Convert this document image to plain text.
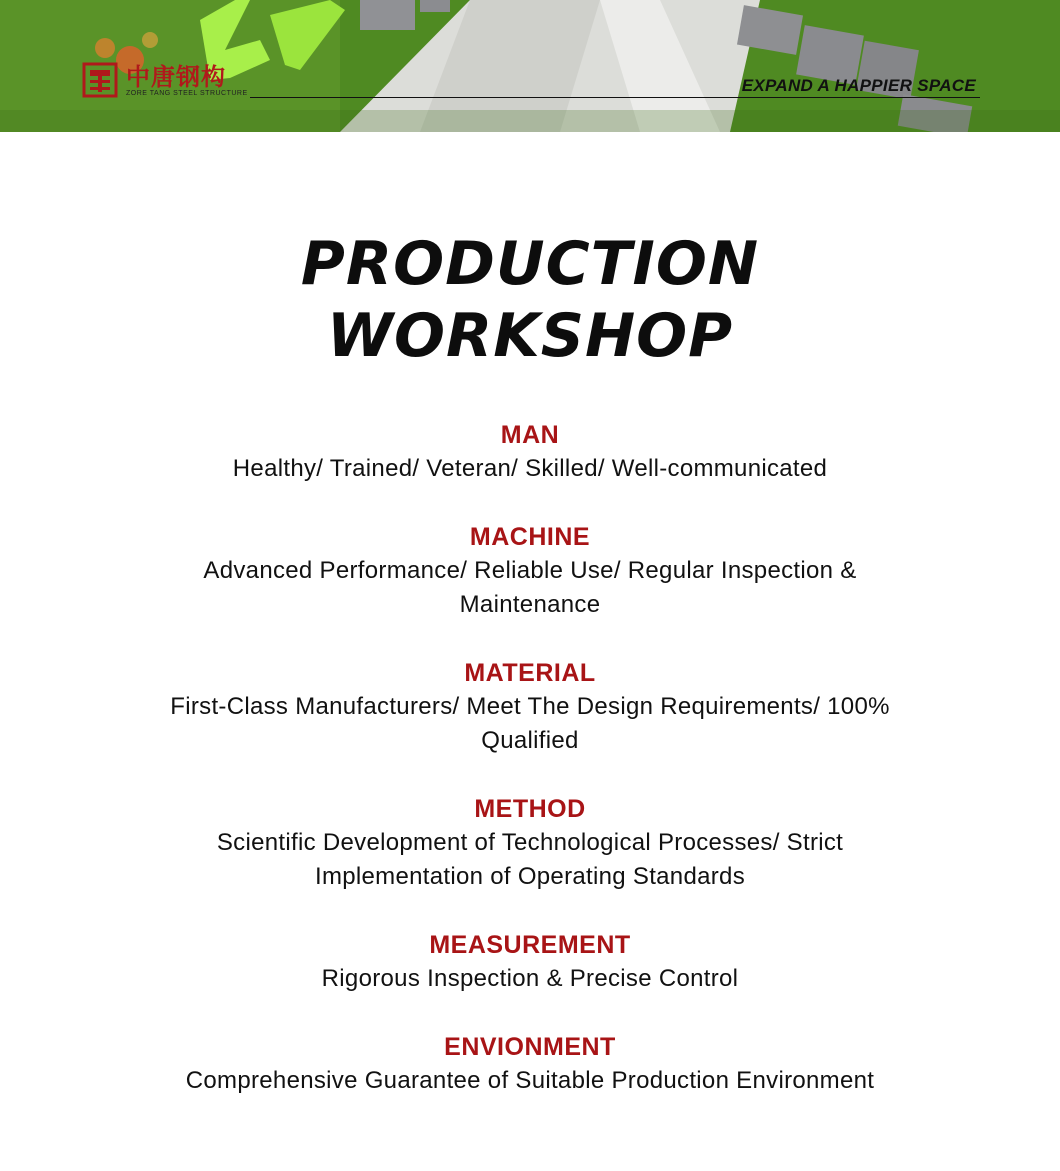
中唐钢构
ZORE TANG STEEL STRUCTURE	EXPAND A HAPPIER SPACE
PRODUCTION
WORKSHOP
MAN
Healthy/ Trained/ Veteran/ Skilled/ Well-communicated
MACHINE
Advanced Performance/ Reliable Use/ Regular Inspection & Maintenance
MATERIAL
First-Class Manufacturers/ Meet The Design Requirements/ 100% Qualified
METHOD
Scientific Development of Technological Processes/ Strict Implementation of Operating Standards
MEASUREMENT
Rigorous Inspection & Precise Control
ENVIONMENT
Comprehensive Guarantee of Suitable Production Environment
